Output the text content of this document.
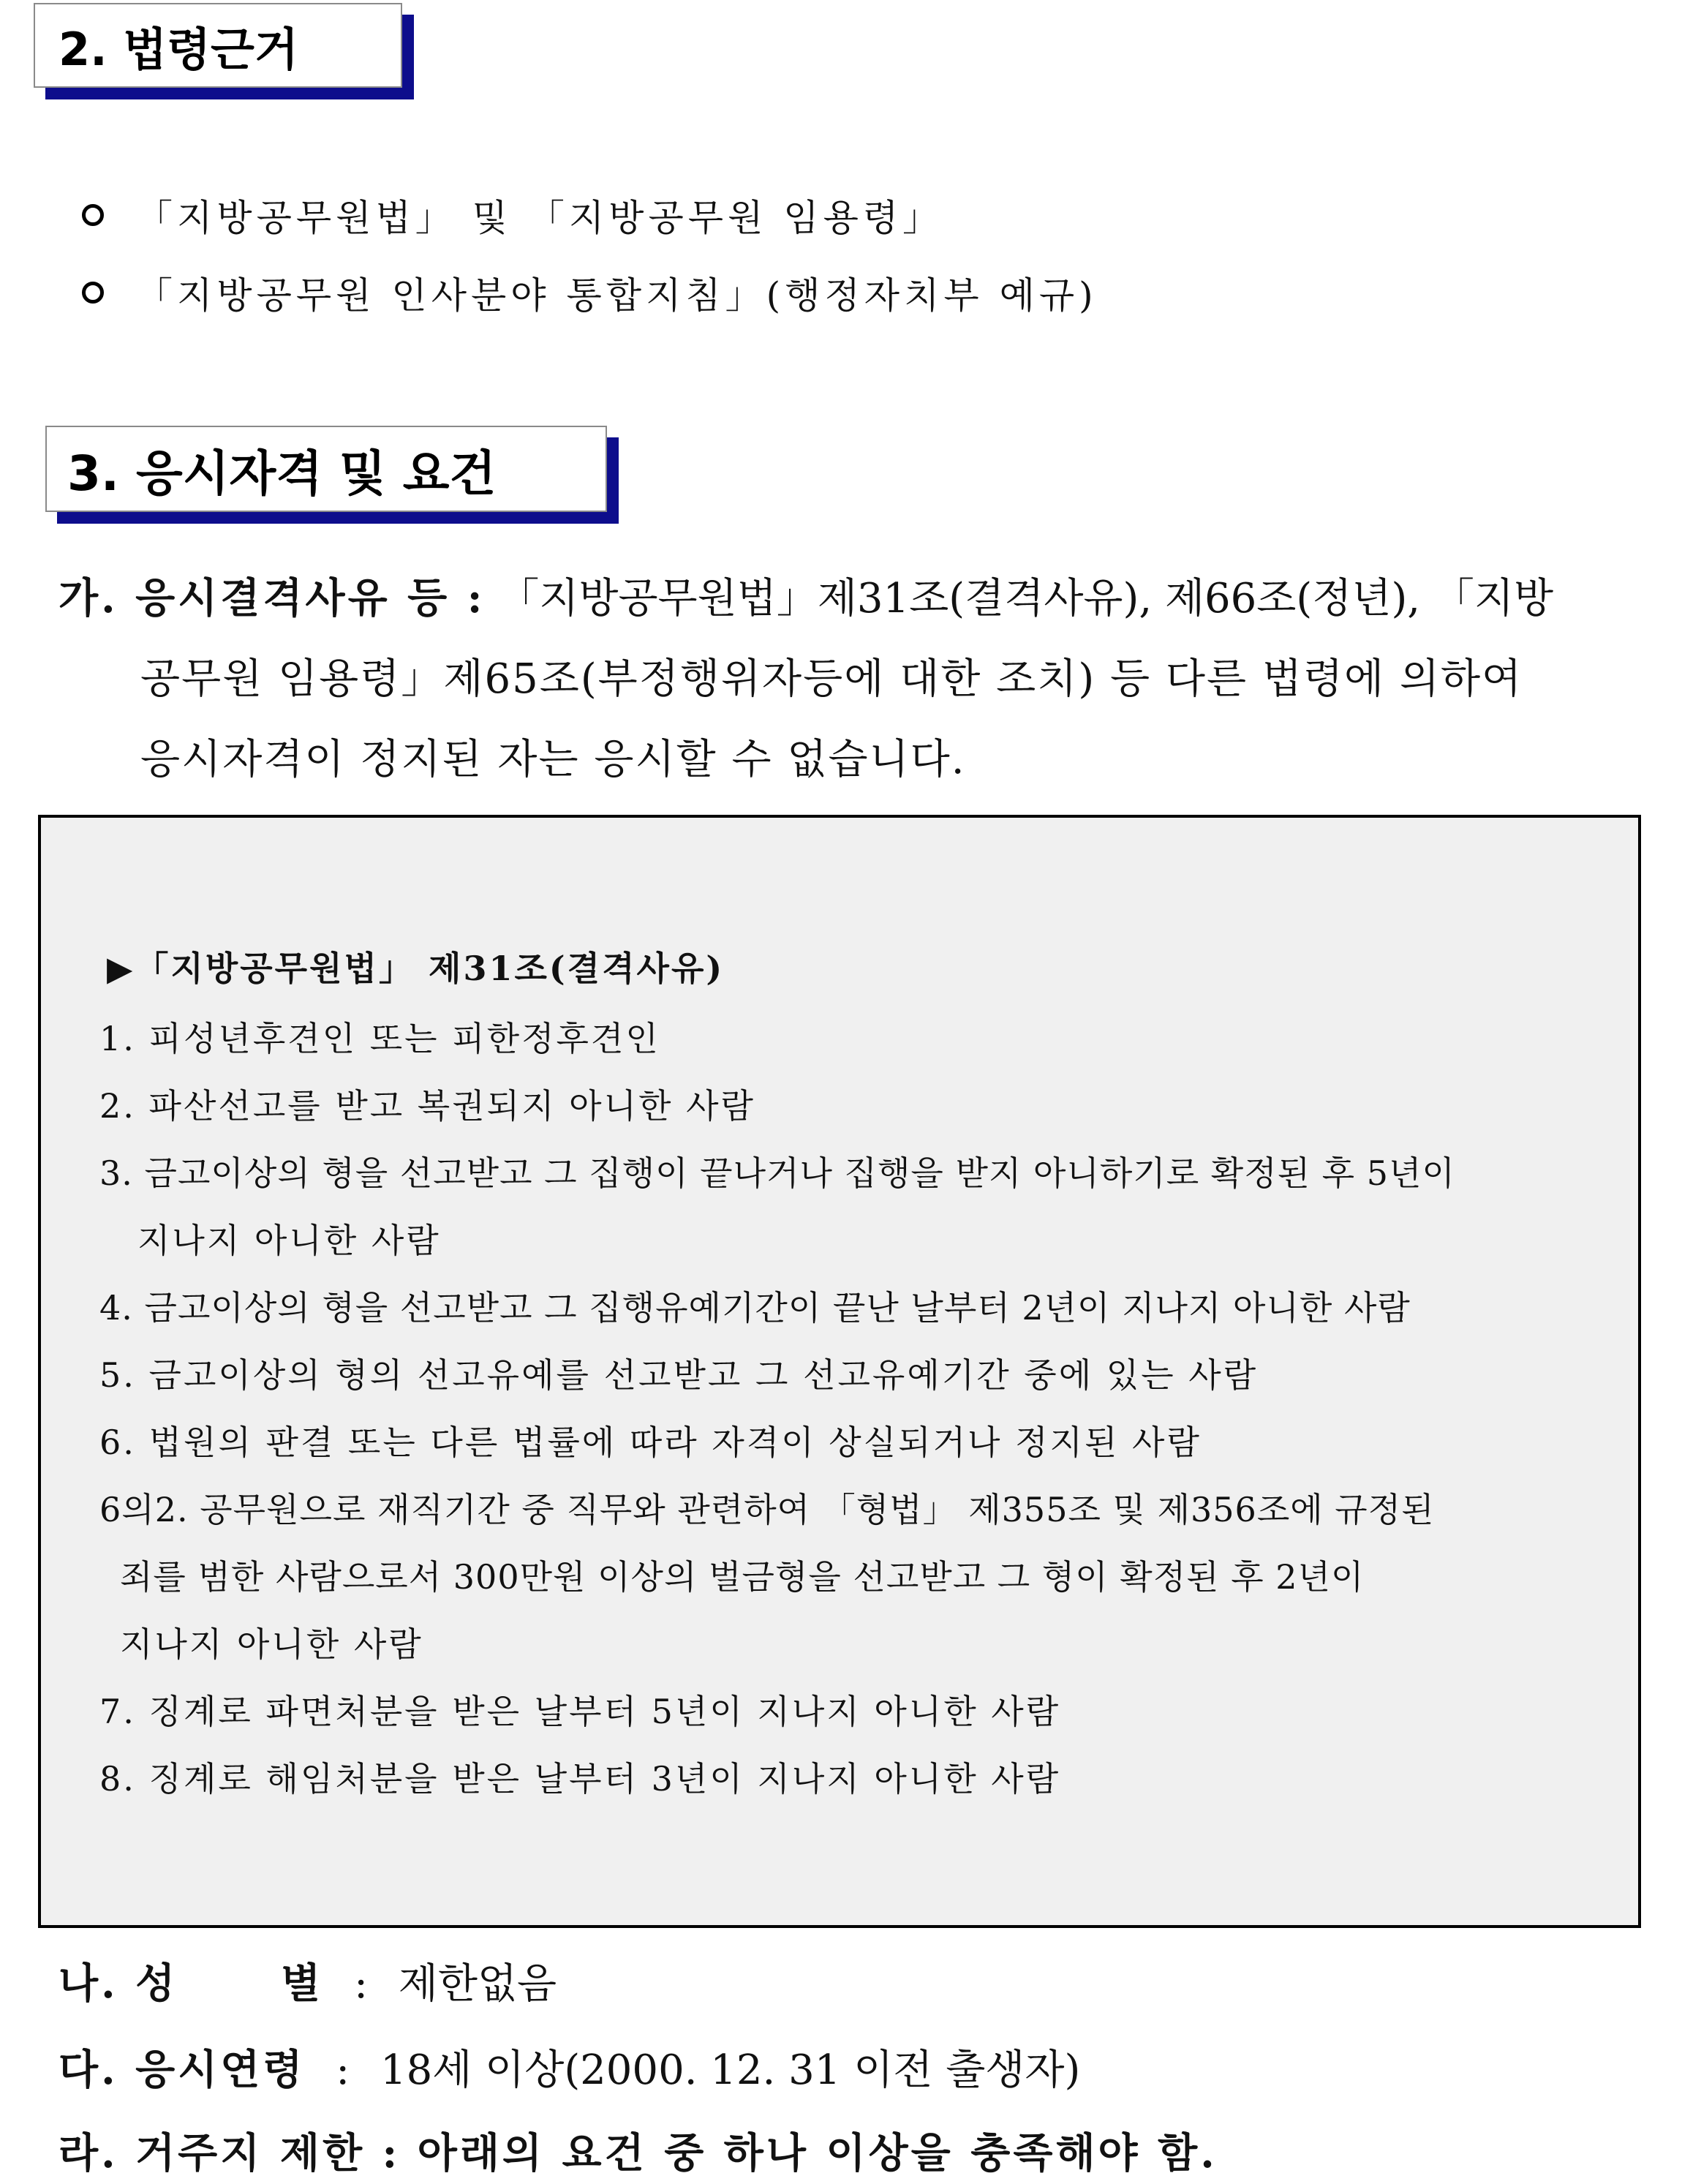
2. 법령근거
「지방공무원법」 및 「지방공무원 임용령」
「지방공무원 인사분야 통합지침」(행정자치부 예규)
3. 응시자격 및 요건
가. 응시결격사유 등 : 「지방공무원법」제31조(결격사유), 제66조(정년), 「지방
공무원 임용령」제65조(부정행위자등에 대한 조치) 등 다른 법령에 의하여
응시자격이 정지된 자는 응시할 수 없습니다.
▶「지방공무원법」 제31조(결격사유)
1. 피성년후견인 또는 피한정후견인
2. 파산선고를 받고 복권되지 아니한 사람
3. 금고이상의 형을 선고받고 그 집행이 끝나거나 집행을 받지 아니하기로 확정된 후 5년이
지나지 아니한 사람
4. 금고이상의 형을 선고받고 그 집행유예기간이 끝난 날부터 2년이 지나지 아니한 사람
5. 금고이상의 형의 선고유예를 선고받고 그 선고유예기간 중에 있는 사람
6. 법원의 판결 또는 다른 법률에 따라 자격이 상실되거나 정지된 사람
6의2. 공무원으로 재직기간 중 직무와 관련하여 「형법」 제355조 및 제356조에 규정된
죄를 범한 사람으로서 300만원 이상의 벌금형을 선고받고 그 형이 확정된 후 2년이
지나지 아니한 사람
7. 징계로 파면처분을 받은 날부터 5년이 지나지 아니한 사람
8. 징계로 해임처분을 받은 날부터 3년이 지나지 아니한 사람
나. 성      별 : 제한없음
다. 응시연령 : 18세 이상(2000. 12. 31 이전 출생자)
라. 거주지 제한 : 아래의 요건 중 하나 이상을 충족해야 함.
